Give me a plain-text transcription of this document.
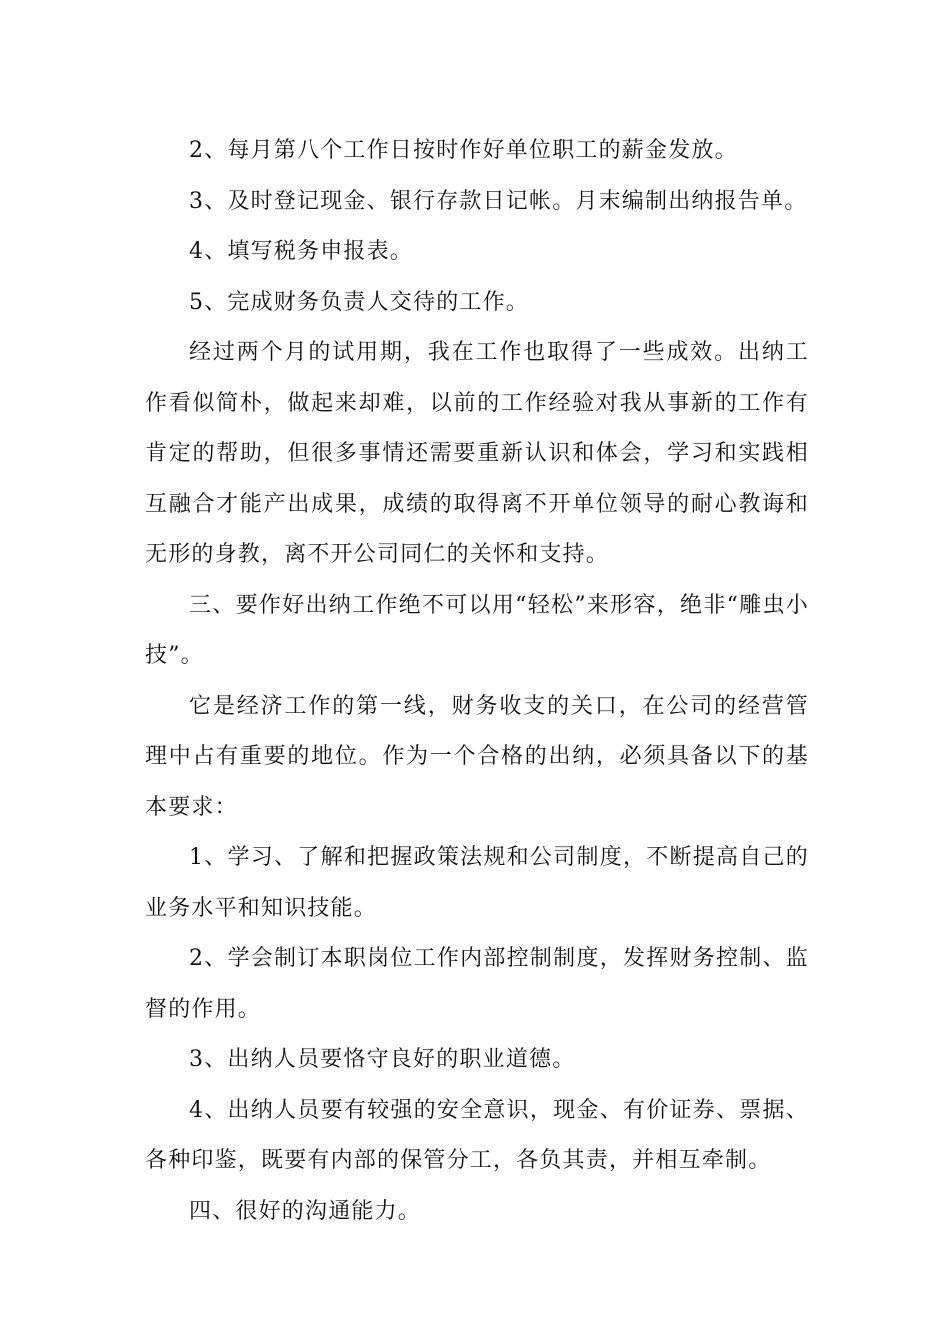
2、每月第八个工作日按时作好单位职工的薪金发放。

3、及时登记现金、银行存款日记帐。月末编制出纳报告单。

4、填写税务申报表。

5、完成财务负责人交待的工作。

经过两个月的试用期，我在工作也取得了一些成效。出纳工作看似简朴，做起来却难，以前的工作经验对我从事新的工作有肯定的帮助，但很多事情还需要重新认识和体会，学习和实践相互融合才能产出成果，成绩的取得离不开单位领导的耐心教诲和无形的身教，离不开公司同仁的关怀和支持。

三、要作好出纳工作绝不可以用“轻松”来形容，绝非“雕虫小技”。

它是经济工作的第一线，财务收支的关口，在公司的经营管理中占有重要的地位。作为一个合格的出纳，必须具备以下的基本要求：

1、学习、了解和把握政策法规和公司制度，不断提高自己的业务水平和知识技能。

2、学会制订本职岗位工作内部控制制度，发挥财务控制、监督的作用。

3、出纳人员要恪守良好的职业道德。

4、出纳人员要有较强的安全意识，现金、有价证券、票据、各种印鉴，既要有内部的保管分工，各负其责，并相互牵制。

四、很好的沟通能力。
